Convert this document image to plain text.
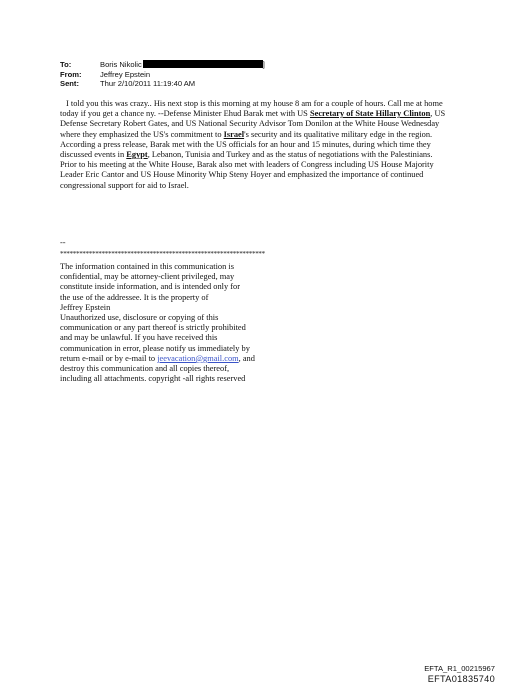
To:	Boris Nikolic	]
From:	Jeffrey Epstein
Sent:	Thur 2/10/2011 11:19:40 AM

I told you this was crazy.. His next stop is this morning at my house 8 am for a couple of hours. Call me at home today if you get a chance ny. --Defense Minister Ehud Barak met with US Secretary of State Hillary Clinton, US Defense Secretary Robert Gates, and US National Security Advisor Tom Donilon at the White House Wednesday where they emphasized the US's commitment to Israel's security and its qualitative military edge in the region.

According a press release, Barak met with the US officials for an hour and 15 minutes, during which time they discussed events in Egypt, Lebanon, Tunisia and Turkey and as the status of negotiations with the Palestinians.

Prior to his meeting at the White House, Barak also met with leaders of Congress including US House Majority Leader Eric Cantor and US House Minority Whip Steny Hoyer and emphasized the importance of continued congressional support for aid to Israel.

--
****************************************************************
The information contained in this communication is
confidential, may be attorney-client privileged, may
constitute inside information, and is intended only for
the use of the addressee. It is the property of
Jeffrey Epstein
Unauthorized use, disclosure or copying of this
communication or any part thereof is strictly prohibited
and may be unlawful. If you have received this
communication in error, please notify us immediately by
return e-mail or by e-mail to jeevacation@gmail.com, and
destroy this communication and all copies thereof,
including all attachments. copyright -all rights reserved
EFTA_R1_00215967
EFTA01835740
